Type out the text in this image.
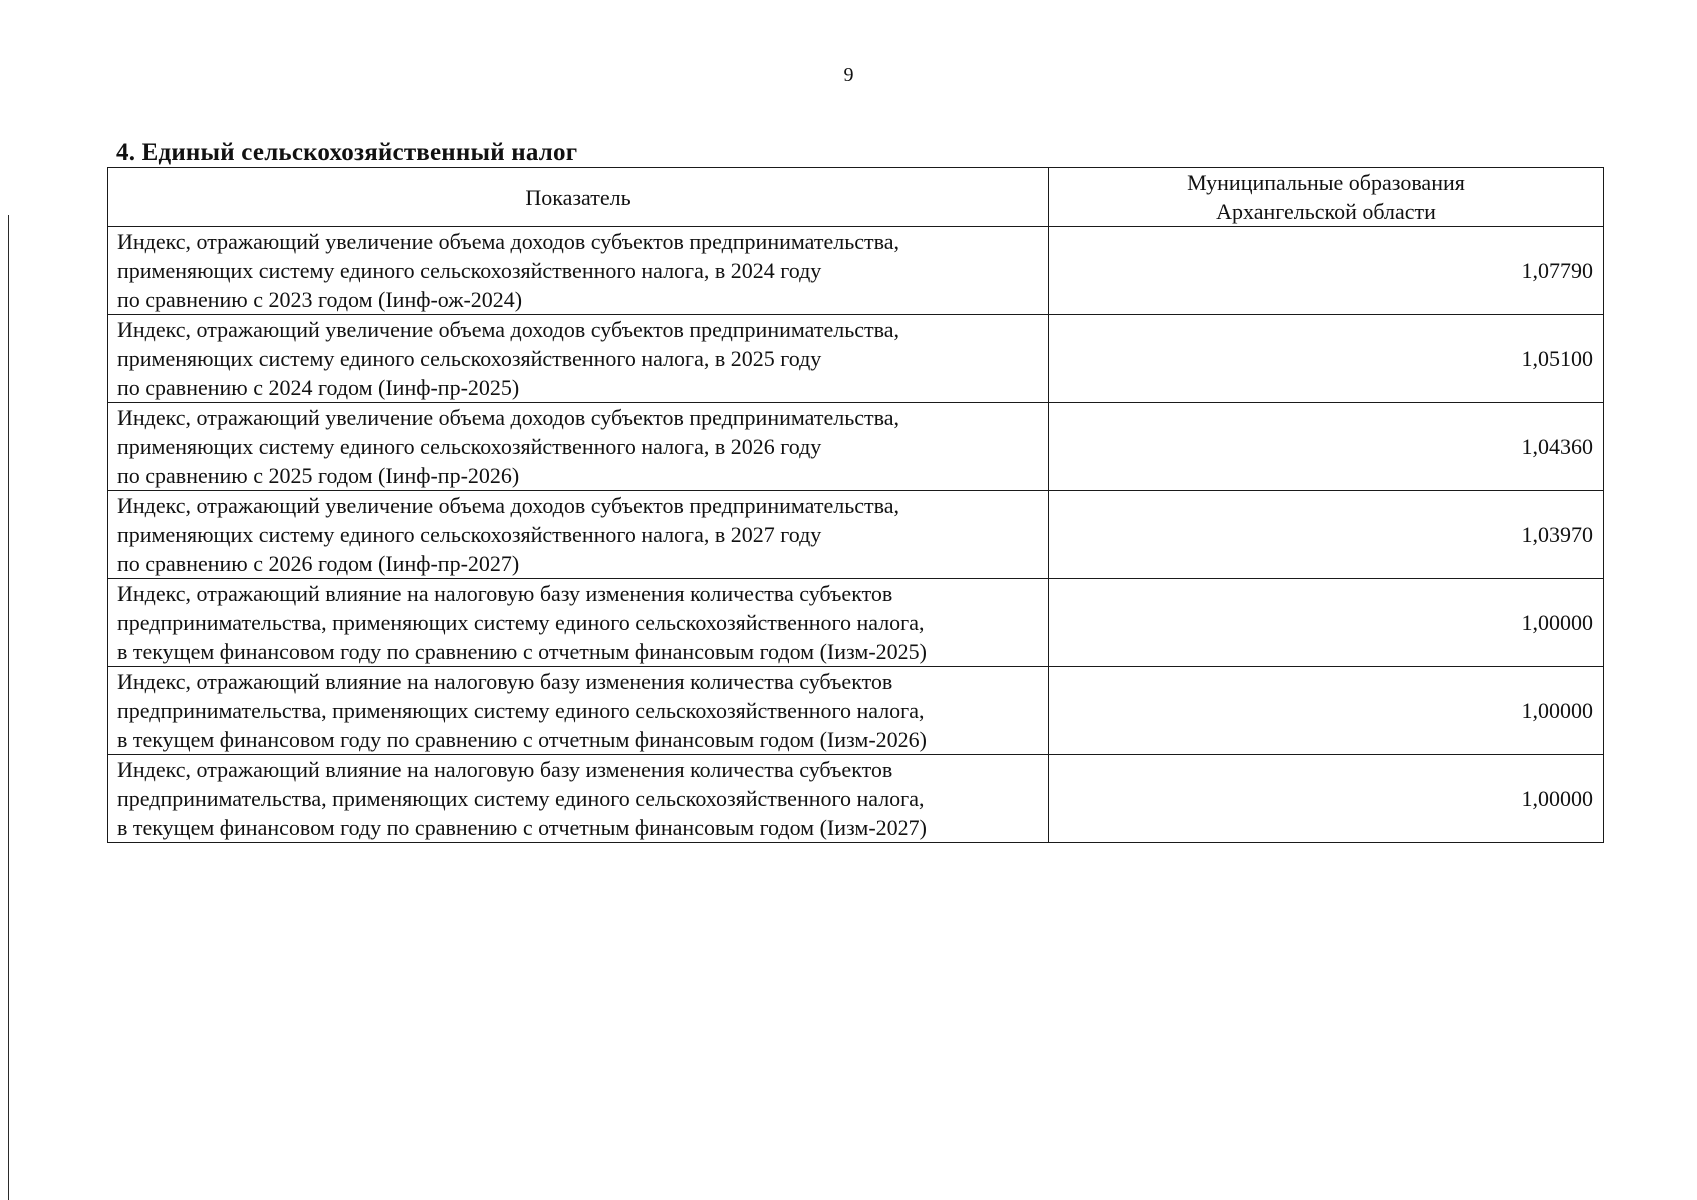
9
4. Единый сельскохозяйственный налог
Показатель	Муниципальные образования
Архангельской области

Индекс, отражающий увеличение объема доходов субъектов предпринимательства,
применяющих систему единого сельскохозяйственного налога, в 2024 году
по сравнению с 2023 годом (Iинф-ож-2024)	1,07790

Индекс, отражающий увеличение объема доходов субъектов предпринимательства,
применяющих систему единого сельскохозяйственного налога, в 2025 году
по сравнению с 2024 годом (Iинф-пр-2025)	1,05100

Индекс, отражающий увеличение объема доходов субъектов предпринимательства,
применяющих систему единого сельскохозяйственного налога, в 2026 году
по сравнению с 2025 годом (Iинф-пр-2026)	1,04360

Индекс, отражающий увеличение объема доходов субъектов предпринимательства,
применяющих систему единого сельскохозяйственного налога, в 2027 году
по сравнению с 2026 годом (Iинф-пр-2027)	1,03970

Индекс, отражающий влияние на налоговую базу изменения количества субъектов
предпринимательства, применяющих систему единого сельскохозяйственного налога,
в текущем финансовом году по сравнению с отчетным финансовым годом (Iизм-2025)	1,00000

Индекс, отражающий влияние на налоговую базу изменения количества субъектов
предпринимательства, применяющих систему единого сельскохозяйственного налога,
в текущем финансовом году по сравнению с отчетным финансовым годом (Iизм-2026)	1,00000

Индекс, отражающий влияние на налоговую базу изменения количества субъектов
предпринимательства, применяющих систему единого сельскохозяйственного налога,
в текущем финансовом году по сравнению с отчетным финансовым годом (Iизм-2027)	1,00000
